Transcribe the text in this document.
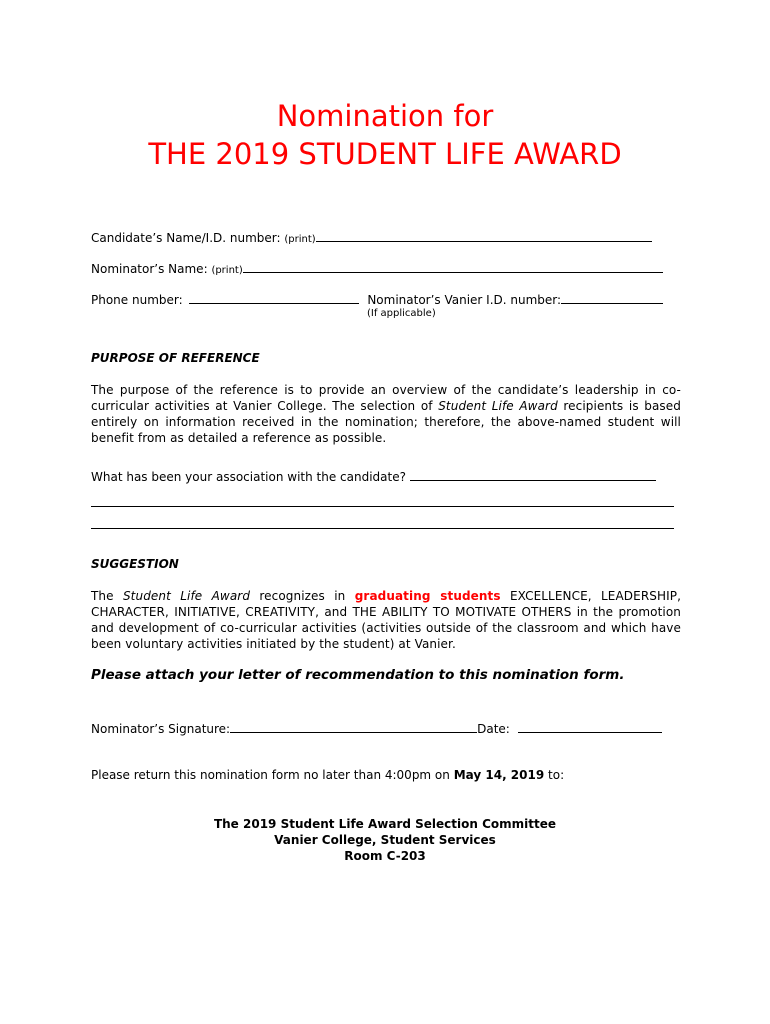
Nomination for
THE 2019 STUDENT LIFE AWARD
Candidate’s Name/I.D. number: (print)
Nominator’s Name: (print)
Phone number:	Nominator’s Vanier I.D. number:
(If applicable)
PURPOSE OF REFERENCE
The purpose of the reference is to provide an overview of the candidate’s leadership in co-curricular activities at Vanier College. The selection of Student Life Award recipients is based entirely on information received in the nomination; therefore, the above-named student will benefit from as detailed a reference as possible.
What has been your association with the candidate?
SUGGESTION
The Student Life Award recognizes in graduating students EXCELLENCE, LEADERSHIP, CHARACTER, INITIATIVE, CREATIVITY, and THE ABILITY TO MOTIVATE OTHERS in the promotion and development of co-curricular activities (activities outside of the classroom and which have been voluntary activities initiated by the student) at Vanier.
Please attach your letter of recommendation to this nomination form.
Nominator’s Signature:	Date:
Please return this nomination form no later than 4:00pm on May 14, 2019 to:
The 2019 Student Life Award Selection Committee
Vanier College, Student Services
Room C-203
